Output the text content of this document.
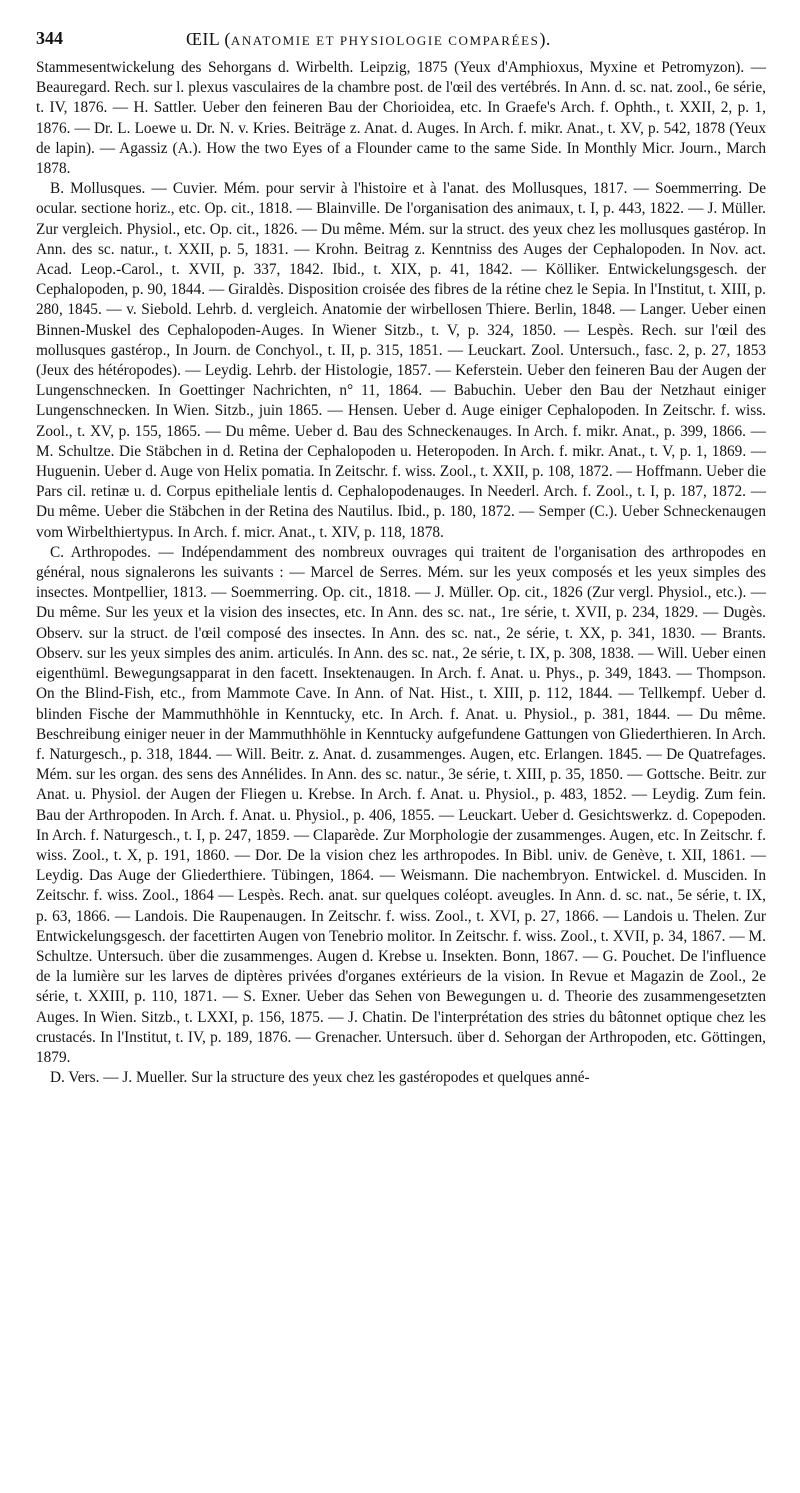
344	ŒIL (ANATOMIE ET PHYSIOLOGIE COMPARÉES).

Stammesentwickelung des Sehorgans d. Wirbelth. Leipzig, 1875 (Yeux d'Amphioxus, Myxine et Petromyzon). — Beauregard. Rech. sur l. plexus vasculaires de la chambre post. de l'œil des vertébrés. In Ann. d. sc. nat. zool., 6e série, t. IV, 1876. — H. Sattler. Ueber den feineren Bau der Chorioidea, etc. In Graefe's Arch. f. Ophth., t. XXII, 2, p. 1, 1876. — Dr. L. Loewe u. Dr. N. v. Kries. Beiträge z. Anat. d. Auges. In Arch. f. mikr. Anat., t. XV, p. 542, 1878 (Yeux de lapin). — Agassiz (A.). How the two Eyes of a Flounder came to the same Side. In Monthly Micr. Journ., March 1878.

B. Mollusques. — Cuvier. Mém. pour servir à l'histoire et à l'anat. des Mollusques, 1817. — Soemmerring. De ocular. sectione horiz., etc. Op. cit., 1818. — Blainville. De l'organisation des animaux, t. I, p. 443, 1822. — J. Müller. Zur vergleich. Physiol., etc. Op. cit., 1826. — Du même. Mém. sur la struct. des yeux chez les mollusques gastérop. In Ann. des sc. natur., t. XXII, p. 5, 1831. — Krohn. Beitrag z. Kenntniss des Auges der Cephalopoden. In Nov. act. Acad. Leop.-Carol., t. XVII, p. 337, 1842. Ibid., t. XIX, p. 41, 1842. — Kölliker. Entwickelungsgesch. der Cephalopoden, p. 90, 1844. — Giraldès. Disposition croisée des fibres de la rétine chez le Sepia. In l'Institut, t. XIII, p. 280, 1845. — v. Siebold. Lehrb. d. vergleich. Anatomie der wirbellosen Thiere. Berlin, 1848. — Langer. Ueber einen Binnen-Muskel des Cephalopoden-Auges. In Wiener Sitzb., t. V, p. 324, 1850. — Lespès. Rech. sur l'œil des mollusques gastérop., In Journ. de Conchyol., t. II, p. 315, 1851. — Leuckart. Zool. Untersuch., fasc. 2, p. 27, 1853 (Jeux des hétéropodes). — Leydig. Lehrb. der Histologie, 1857. — Keferstein. Ueber den feineren Bau der Augen der Lungenschnecken. In Goettinger Nachrichten, n° 11, 1864. — Babuchin. Ueber den Bau der Netzhaut einiger Lungenschnecken. In Wien. Sitzb., juin 1865. — Hensen. Ueber d. Auge einiger Cephalopoden. In Zeitschr. f. wiss. Zool., t. XV, p. 155, 1865. — Du même. Ueber d. Bau des Schneckenauges. In Arch. f. mikr. Anat., p. 399, 1866. — M. Schultze. Die Stäbchen in d. Retina der Cephalopoden u. Heteropoden. In Arch. f. mikr. Anat., t. V, p. 1, 1869. — Huguenin. Ueber d. Auge von Helix pomatia. In Zeitschr. f. wiss. Zool., t. XXII, p. 108, 1872. — Hoffmann. Ueber die Pars cil. retinæ u. d. Corpus epitheliale lentis d. Cephalopodenauges. In Neederl. Arch. f. Zool., t. I, p. 187, 1872. — Du même. Ueber die Stäbchen in der Retina des Nautilus. Ibid., p. 180, 1872. — Semper (C.). Ueber Schneckenaugen vom Wirbelthiertypus. In Arch. f. micr. Anat., t. XIV, p. 118, 1878.

C. Arthropodes. — Indépendamment des nombreux ouvrages qui traitent de l'organisation des arthropodes en général, nous signalerons les suivants : — Marcel de Serres. Mém. sur les yeux composés et les yeux simples des insectes. Montpellier, 1813. — Soemmerring. Op. cit., 1818. — J. Müller. Op. cit., 1826 (Zur vergl. Physiol., etc.). — Du même. Sur les yeux et la vision des insectes, etc. In Ann. des sc. nat., 1re série, t. XVII, p. 234, 1829. — Dugès. Observ. sur la struct. de l'œil composé des insectes. In Ann. des sc. nat., 2e série, t. XX, p. 341, 1830. — Brants. Observ. sur les yeux simples des anim. articulés. In Ann. des sc. nat., 2e série, t. IX, p. 308, 1838. — Will. Ueber einen eigenthüml. Bewegungsapparat in den facett. Insektenaugen. In Arch. f. Anat. u. Phys., p. 349, 1843. — Thompson. On the Blind-Fish, etc., from Mammote Cave. In Ann. of Nat. Hist., t. XIII, p. 112, 1844. — Tellkempf. Ueber d. blinden Fische der Mammuthhöhle in Kenntucky, etc. In Arch. f. Anat. u. Physiol., p. 381, 1844. — Du même. Beschreibung einiger neuer in der Mammuthhöhle in Kenntucky aufgefundene Gattungen von Gliederthieren. In Arch. f. Naturgesch., p. 318, 1844. — Will. Beitr. z. Anat. d. zusammenges. Augen, etc. Erlangen. 1845. — De Quatrefages. Mém. sur les organ. des sens des Annélides. In Ann. des sc. natur., 3e série, t. XIII, p. 35, 1850. — Gottsche. Beitr. zur Anat. u. Physiol. der Augen der Fliegen u. Krebse. In Arch. f. Anat. u. Physiol., p. 483, 1852. — Leydig. Zum fein. Bau der Arthropoden. In Arch. f. Anat. u. Physiol., p. 406, 1855. — Leuckart. Ueber d. Gesichtswerkz. d. Copepoden. In Arch. f. Naturgesch., t. I, p. 247, 1859. — Claparède. Zur Morphologie der zusammenges. Augen, etc. In Zeitschr. f. wiss. Zool., t. X, p. 191, 1860. — Dor. De la vision chez les arthropodes. In Bibl. univ. de Genève, t. XII, 1861. — Leydig. Das Auge der Gliederthiere. Tübingen, 1864. — Weismann. Die nachembryon. Entwickel. d. Musciden. In Zeitschr. f. wiss. Zool., 1864 — Lespès. Rech. anat. sur quelques coléopt. aveugles. In Ann. d. sc. nat., 5e série, t. IX, p. 63, 1866. — Landois. Die Raupenaugen. In Zeitschr. f. wiss. Zool., t. XVI, p. 27, 1866. — Landois u. Thelen. Zur Entwickelungsgesch. der facettirten Augen von Tenebrio molitor. In Zeitschr. f. wiss. Zool., t. XVII, p. 34, 1867. — M. Schultze. Untersuch. über die zusammenges. Augen d. Krebse u. Insekten. Bonn, 1867. — G. Pouchet. De l'influence de la lumière sur les larves de diptères privées d'organes extérieurs de la vision. In Revue et Magazin de Zool., 2e série, t. XXIII, p. 110, 1871. — S. Exner. Ueber das Sehen von Bewegungen u. d. Theorie des zusammengesetzten Auges. In Wien. Sitzb., t. LXXI, p. 156, 1875. — J. Chatin. De l'interprétation des stries du bâtonnet optique chez les crustacés. In l'Institut, t. IV, p. 189, 1876. — Grenacher. Untersuch. über d. Sehorgan der Arthropoden, etc. Göttingen, 1879.

D. Vers. — J. Mueller. Sur la structure des yeux chez les gastéropodes et quelques anné-
